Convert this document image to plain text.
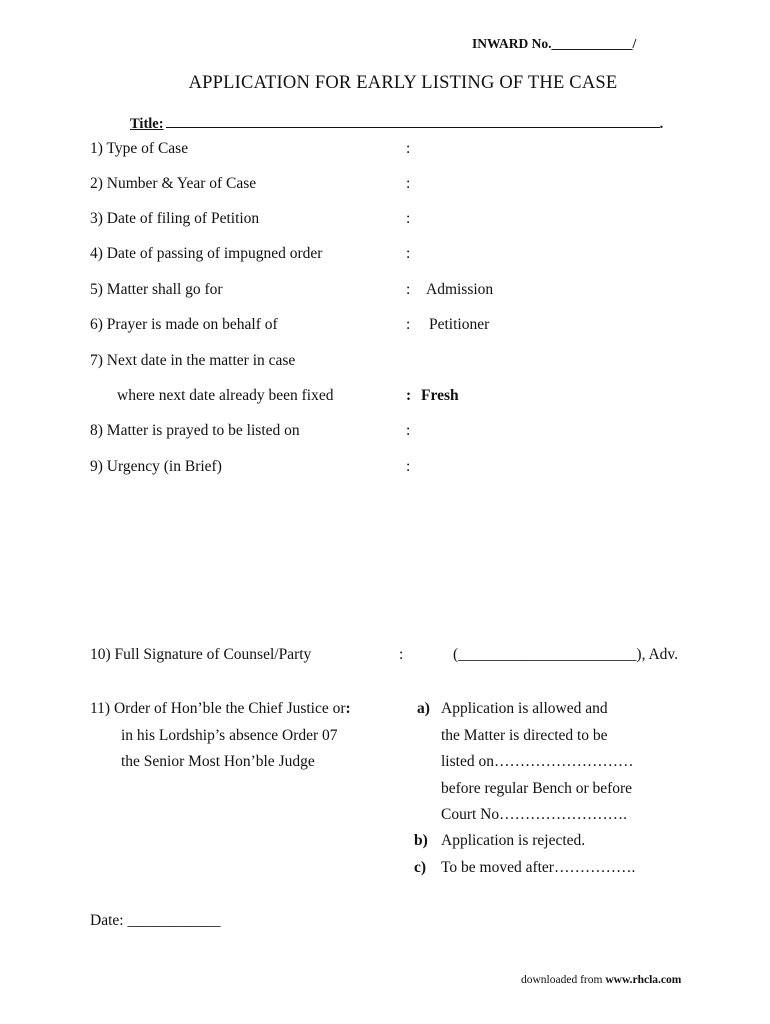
INWARD No.____________/
APPLICATION FOR EARLY LISTING OF THE CASE
Title:	.
1) Type of Case	:
2) Number & Year of Case	:
3) Date of filing of Petition	:
4) Date of passing of impugned order	:
5) Matter shall go for	: Admission
6) Prayer is made on behalf of	: Petitioner
7) Next date in the matter in case
where next date already been fixed	: Fresh
8) Matter is prayed to be listed on	:
9) Urgency (in Brief)	:
10) Full Signature of Counsel/Party	:	(_______________________), Adv.
11) Order of Hon’ble the Chief Justice or:
in his Lordship’s absence Order 07
the Senior Most Hon’ble Judge
a) Application is allowed and
the Matter is directed to be
listed on………………………
before regular Bench or before
Court No…………………….
b) Application is rejected.
c) To be moved after…………….
Date: ____________
downloaded from www.rhcla.com
